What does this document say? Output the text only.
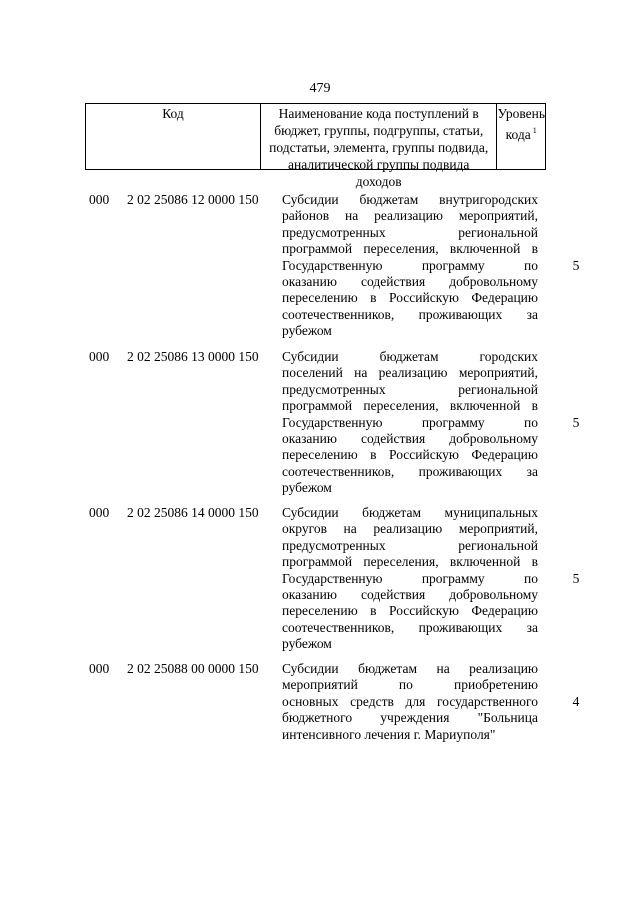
479
Код	Наименование кода поступлений в
бюджет, группы, подгруппы, статьи,
подстатьи, элемента, группы подвида,
аналитической группы подвида доходов
Уровень
кода $^1$
000 2 02 25086 12 0000 150 Субсидии бюджетам внутригородских
районов на реализацию мероприятий,
предусмотренных региональной
программой переселения, включенной в
Государственную программу по
оказанию содействия добровольному
переселению в Российскую Федерацию
соотечественников, проживающих за
рубежом
5
000 2 02 25086 13 0000 150 Субсидии бюджетам городских
поселений на реализацию мероприятий,
предусмотренных региональной
программой переселения, включенной в
Государственную программу по
оказанию содействия добровольному
переселению в Российскую Федерацию
соотечественников, проживающих за
рубежом
5
000 2 02 25086 14 0000 150 Субсидии бюджетам муниципальных
округов на реализацию мероприятий,
предусмотренных региональной
программой переселения, включенной в
Государственную программу по
оказанию содействия добровольному
переселению в Российскую Федерацию
соотечественников, проживающих за
рубежом
5
000 2 02 25088 00 0000 150 Субсидии бюджетам на реализацию
мероприятий по приобретению
основных средств для государственного
бюджетного учреждения "Больница
интенсивного лечения г. Мариуполя"
4
